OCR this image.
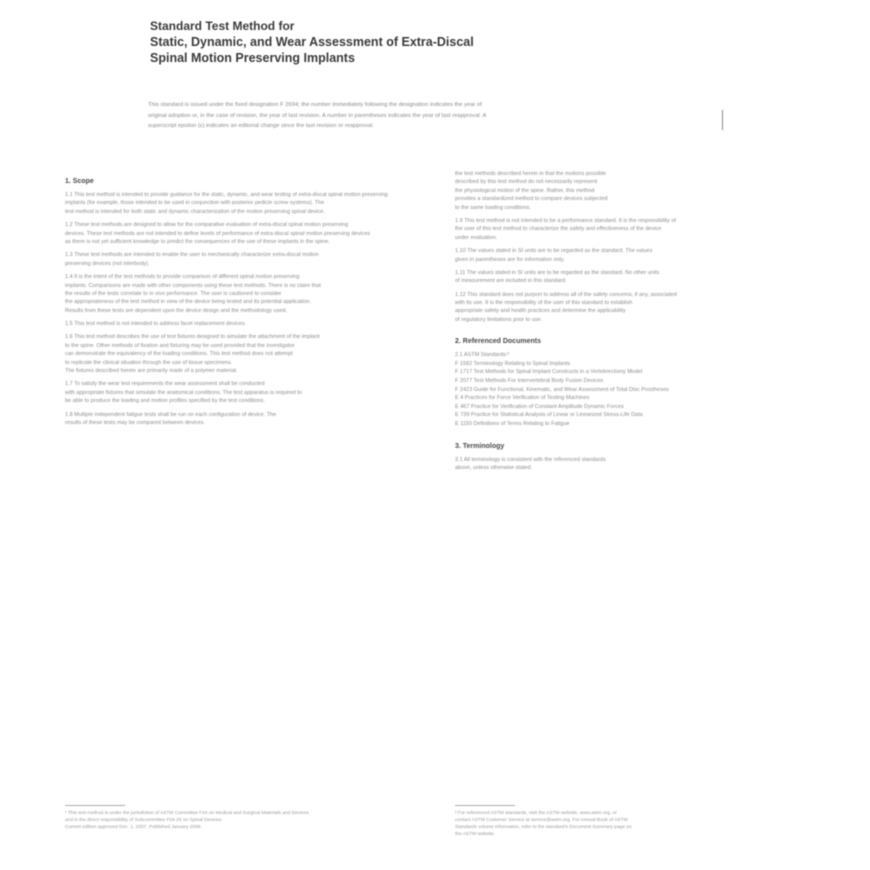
Standard Test Method for
Static, Dynamic, and Wear Assessment of Extra-Discal
Spinal Motion Preserving Implants
This standard is issued under the fixed designation F 2694; the number immediately following the designation indicates the year of
original adoption or, in the case of revision, the year of last revision. A number in parentheses indicates the year of last reapproval. A
superscript epsilon (ε) indicates an editorial change since the last revision or reapproval.
1. Scope
1.1 This test method is intended to provide guidance for the static, dynamic, and wear testing of extra-discal spinal motion preserving
implants (for example, those intended to be used in conjunction with posterior pedicle screw systems). The
test method is intended for both static and dynamic characterization of the motion preserving spinal device.
1.2 These test methods are designed to allow for the comparative evaluation of extra-discal spinal motion preserving
devices. These test methods are not intended to define levels of performance of extra-discal spinal motion preserving devices
as there is not yet sufficient knowledge to predict the consequences of the use of these implants in the spine.
1.3 These test methods are intended to enable the user to mechanically characterize extra-discal motion
preserving devices (not interbody).
1.4 It is the intent of the test methods to provide comparison of different spinal motion preserving
implants. Comparisons are made with other components using these test methods. There is no claim that
the results of the tests correlate to in vivo performance. The user is cautioned to consider
the appropriateness of the test method in view of the device being tested and its potential application.
Results from these tests are dependent upon the device design and the methodology used.
1.5 This test method is not intended to address facet replacement devices.
1.6 This test method describes the use of test fixtures designed to simulate the attachment of the implant
to the spine. Other methods of fixation and fixturing may be used provided that the investigator
can demonstrate the equivalency of the loading conditions. This test method does not attempt
to replicate the clinical situation through the use of tissue specimens.
The fixtures described herein are primarily made of a polymer material.
1.7 To satisfy the wear test requirements the wear assessment shall be conducted
with appropriate fixtures that simulate the anatomical conditions. The test apparatus is required to
be able to produce the loading and motion profiles specified by the test conditions.
1.8 Multiple independent fatigue tests shall be run on each configuration of device. The
results of these tests may be compared between devices.
¹ This test method is under the jurisdiction of ASTM Committee F04 on Medical and Surgical Materials and Devices
and is the direct responsibility of Subcommittee F04.25 on Spinal Devices.
Current edition approved Dec. 1, 2007. Published January 2008.
the test methods described herein in that the motions possible
described by this test method do not necessarily represent
the physiological motion of the spine. Rather, this method
provides a standardized method to compare devices subjected
to the same loading conditions.
1.9 This test method is not intended to be a performance standard. It is the responsibility of
the user of this test method to characterize the safety and effectiveness of the device
under evaluation.
1.10 The values stated in SI units are to be regarded as the standard. The values
given in parentheses are for information only.
1.11 The values stated in SI units are to be regarded as the standard. No other units
of measurement are included in this standard.
1.12 This standard does not purport to address all of the safety concerns, if any, associated
with its use. It is the responsibility of the user of this standard to establish
appropriate safety and health practices and determine the applicability
of regulatory limitations prior to use.
2. Referenced Documents
2.1 ASTM Standards:²
F 1582 Terminology Relating to Spinal Implants
F 1717 Test Methods for Spinal Implant Constructs in a Vertebrectomy Model
F 2077 Test Methods For Intervertebral Body Fusion Devices
F 2423 Guide for Functional, Kinematic, and Wear Assessment of Total Disc Prostheses
E 4 Practices for Force Verification of Testing Machines
E 467 Practice for Verification of Constant Amplitude Dynamic Forces
E 739 Practice for Statistical Analysis of Linear or Linearized Stress-Life Data
E 1150 Definitions of Terms Relating to Fatigue
3. Terminology
3.1 All terminology is consistent with the referenced standards
above, unless otherwise stated.
² For referenced ASTM standards, visit the ASTM website, www.astm.org, or
contact ASTM Customer Service at service@astm.org. For Annual Book of ASTM
Standards volume information, refer to the standard's Document Summary page on
the ASTM website.
